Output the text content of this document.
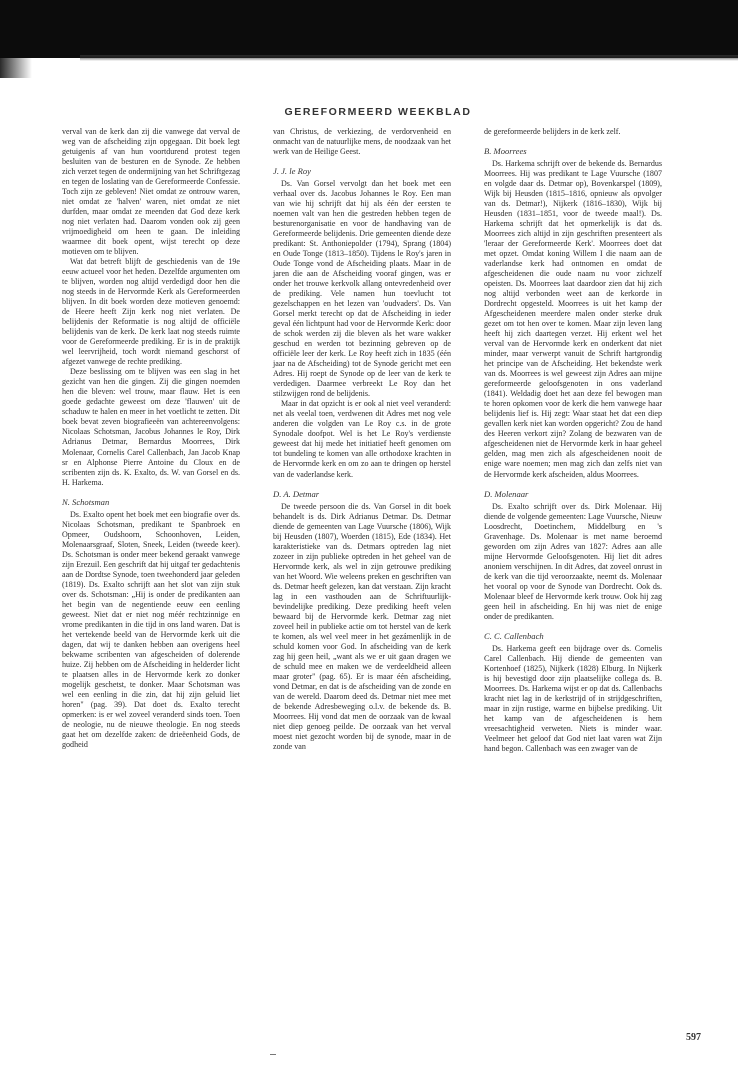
GEREFORMEERD WEEKBLAD

verval van de kerk dan zij die vanwege dat verval de weg van de afscheiding zijn opgegaan. Dit boek legt getuigenis af van hun voortdurend protest tegen besluiten van de besturen en de Synode. Ze hebben zich verzet tegen de ondermijning van het Schriftgezag en tegen de loslating van de Gereformeerde Confessie. Toch zijn ze gebleven! Niet omdat ze ontrouw waren, niet omdat ze 'halven' waren, niet omdat ze niet durfden, maar omdat ze meenden dat God deze kerk nog niet verlaten had. Daarom vonden ook zij geen vrijmoedigheid om heen te gaan. De inleiding waarmee dit boek opent, wijst terecht op deze motieven om te blijven.

Wat dat betreft blijft de geschiedenis van de 19e eeuw actueel voor het heden. Dezelfde argumenten om te blijven, worden nog altijd verdedigd door hen die nog steeds in de Hervormde Kerk als Gereformeerden blijven. In dit boek worden deze motieven genoemd: de Heere heeft Zijn kerk nog niet verlaten. De belijdenis der Reformatie is nog altijd de officiële belijdenis van de kerk. De kerk laat nog steeds ruimte voor de Gereformeerde prediking. Er is in de praktijk wel leervrijheid, toch wordt niemand geschorst of afgezet vanwege de rechte prediking.

Deze beslissing om te blijven was een slag in het gezicht van hen die gingen. Zij die gingen noemden hen die bleven: wel trouw, maar flauw. Het is een goede gedachte geweest om deze 'flauwen' uit de schaduw te halen en meer in het voetlicht te zetten. Dit boek bevat zeven biografieeën van achtereenvolgens: Nicolaas Schotsman, Jacobus Johannes le Roy, Dirk Adrianus Detmar, Bernardus Moorrees, Dirk Molenaar, Cornelis Carel Callenbach, Jan Jacob Knap sr en Alphonse Pierre Antoine du Cloux en de scribenten zijn ds. K. Exalto, ds. W. van Gorsel en ds. H. Harkema.

N. Schotsman

Ds. Exalto opent het boek met een biografie over ds. Nicolaas Schotsman, predikant te Spanbroek en Opmeer, Oudshoorn, Schoonhoven, Leiden, Molenaarsgraaf, Sloten, Sneek, Leiden (tweede keer). Ds. Schotsman is onder meer bekend geraakt vanwege zijn Erezuil. Een geschrift dat hij uitgaf ter gedachtenis aan de Dordtse Synode, toen tweehonderd jaar geleden (1819). Ds. Exalto schrijft aan het slot van zijn stuk over ds. Schotsman: „Hij is onder de predikanten aan het begin van de negentiende eeuw een eenling geweest. Niet dat er niet nog méér rechtzinnige en vrome predikanten in die tijd in ons land waren. Dat is het vertekende beeld van de Hervormde kerk uit die dagen, dat wij te danken hebben aan overigens heel bekwame scribenten van afgescheiden of dolerende huize. Zij hebben om de Afscheiding in helderder licht te plaatsen alles in de Hervormde kerk zo donker mogelijk geschetst, te donker. Maar Schotsman was wel een eenling in die zin, dat hij zijn geluid liet horen" (pag. 39). Dat doet ds. Exalto terecht opmerken: is er wel zoveel veranderd sinds toen. Toen de neologie, nu de nieuwe theologie. En nog steeds gaat het om dezelfde zaken: de drieëenheid Gods, de godheid

van Christus, de verkiezing, de verdorvenheid en onmacht van de natuurlijke mens, de noodzaak van het werk van de Heilige Geest.

J. J. le Roy

Ds. Van Gorsel vervolgt dan het boek met een verhaal over ds. Jacobus Johannes le Roy. Een man van wie hij schrijft dat hij als één der eersten te noemen valt van hen die gestreden hebben tegen de besturenorganisatie en voor de handhaving van de Gereformeerde belijdenis. Drie gemeenten diende deze predikant: St. Anthoniepolder (1794), Sprang (1804) en Oude Tonge (1813–1850). Tijdens le Roy's jaren in Oude Tonge vond de Afscheiding plaats. Maar in de jaren die aan de Afscheiding vooraf gingen, was er onder het trouwe kerkvolk allang ontevredenheid over de prediking. Vele namen hun toevlucht tot gezelschappen en het lezen van 'oudvaders'. Ds. Van Gorsel merkt terecht op dat de Afscheiding in ieder geval één lichtpunt had voor de Hervormde Kerk: door de schok werden zij die bleven als het ware wakker geschud en werden tot bezinning gebreven op de officiële leer der kerk. Le Roy heeft zich in 1835 (één jaar na de Afscheiding) tot de Synode gericht met een Adres. Hij roept de Synode op de leer van de kerk te verdedigen. Daarmee verbreekt Le Roy dan het stilzwijgen rond de belijdenis.

Maar in dat opzicht is er ook al niet veel veranderd: net als veelal toen, verdwenen dit Adres met nog vele anderen die volgden van Le Roy c.s. in de grote Synodale doofpot. Wel is het Le Roy's verdienste geweest dat hij mede het initiatief heeft genomen om tot bundeling te komen van alle orthodoxe krachten in de Hervormde kerk en om zo aan te dringen op herstel van de vaderlandse kerk.

D. A. Detmar

De tweede persoon die ds. Van Gorsel in dit boek behandelt is ds. Dirk Adrianus Detmar. Ds. Detmar diende de gemeenten van Lage Vuursche (1806), Wijk bij Heusden (1807), Woerden (1815), Ede (1834). Het karakteristieke van ds. Detmars optreden lag niet zozeer in zijn publieke optreden in het geheel van de Hervormde kerk, als wel in zijn getrouwe prediking van het Woord. Wie weleens preken en geschriften van ds. Detmar heeft gelezen, kan dat verstaan. Zijn kracht lag in een vasthouden aan de Schriftuurlijk-bevindelijke prediking. Deze prediking heeft velen bewaard bij de Hervormde kerk. Detmar zag niet zoveel heil in publieke actie om tot herstel van de kerk te komen, als wel veel meer in het gezámenlijk in de schuld komen voor God. In afscheiding van de kerk zag hij geen heil, „want als we er uit gaan dragen we de schuld mee en maken we de verdeeldheid alleen maar groter" (pag. 65). Er is maar één afscheiding, vond Detmar, en dat is de afscheiding van de zonde en van de wereld. Daarom deed ds. Detmar niet mee met de bekende Adresbeweging o.l.v. de bekende ds. B. Moorrees. Hij vond dat men de oorzaak van de kwaal niet diep genoeg peilde. De oorzaak van het verval moest niet gezocht worden bij de synode, maar in de zonde van

de gereformeerde belijders in de kerk zelf.

B. Moorrees

Ds. Harkema schrijft over de bekende ds. Bernardus Moorrees. Hij was predikant te Lage Vuursche (1807 en volgde daar ds. Detmar op), Bovenkarspel (1809), Wijk bij Heusden (1815–1816, opnieuw als opvolger van ds. Detmar!), Nijkerk (1816–1830), Wijk bij Heusden (1831–1851, voor de tweede maal!). Ds. Harkema schrijft dat het opmerkelijk is dat ds. Moorrees zich altijd in zijn geschriften presenteert als 'leraar der Gereformeerde Kerk'. Moorrees doet dat met opzet. Omdat koning Willem I die naam aan de vaderlandse kerk had ontnomen en omdat de afgescheidenen die oude naam nu voor zichzelf opeisten. Ds. Moorrees laat daardoor zien dat hij zich nog altijd verbonden weet aan de kerkorde in Dordrecht opgesteld. Moorrees is uit het kamp der Afgescheidenen meerdere malen onder sterke druk gezet om tot hen over te komen. Maar zijn leven lang heeft hij zich daartegen verzet. Hij erkent wel het verval van de Hervormde kerk en onderkent dat niet minder, maar verwerpt vanuit de Schrift hartgrondig het principe van de Afscheiding. Het bekendste werk van ds. Moorrees is wel geweest zijn Adres aan mijne gereformeerde geloofsgenoten in ons vaderland (1841). Weldadig doet het aan deze fel bewogen man te horen opkomen voor de kerk die hem vanwege haar belijdenis lief is. Hij zegt: Waar staat het dat een diep gevallen kerk niet kan worden opgericht? Zou de hand des Heeren verkort zijn? Zolang de bezwaren van de afgescheidenen niet de Hervormde kerk in haar geheel gelden, mag men zich als afgescheidenen nooit de enige ware noemen; men mag zich dan zelfs niet van de Hervormde kerk afscheiden, aldus Moorrees.

D. Molenaar

Ds. Exalto schrijft over ds. Dirk Molenaar. Hij diende de volgende gemeenten: Lage Vuursche, Nieuw Loosdrecht, Doetinchem, Middelburg en 's Gravenhage. Ds. Molenaar is met name beroemd geworden om zijn Adres van 1827: Adres aan alle mijne Hervormde Geloofsgenoten. Hij liet dit adres anoniem verschijnen. In dit Adres, dat zoveel onrust in de kerk van die tijd veroorzaakte, neemt ds. Molenaar het vooral op voor de Synode van Dordrecht. Ook ds. Molenaar bleef de Hervormde kerk trouw. Ook hij zag geen heil in afscheiding. En hij was niet de enige onder de predikanten.

C. C. Callenbach

Ds. Harkema geeft een bijdrage over ds. Cornelis Carel Callenbach. Hij diende de gemeenten van Kortenhoef (1825), Nijkerk (1828) Elburg. In Nijkerk is hij bevestigd door zijn plaatselijke collega ds. B. Moorrees. Ds. Harkema wijst er op dat ds. Callenbachs kracht niet lag in de kerkstrijd of in strijdgeschriften, maar in zijn rustige, warme en bijbelse prediking. Uit het kamp van de afgescheidenen is hem vreesachtigheid verweten. Niets is minder waar. Veelmeer het geloof dat God niet laat varen wat Zijn hand begon. Callenbach was een zwager van de

597
